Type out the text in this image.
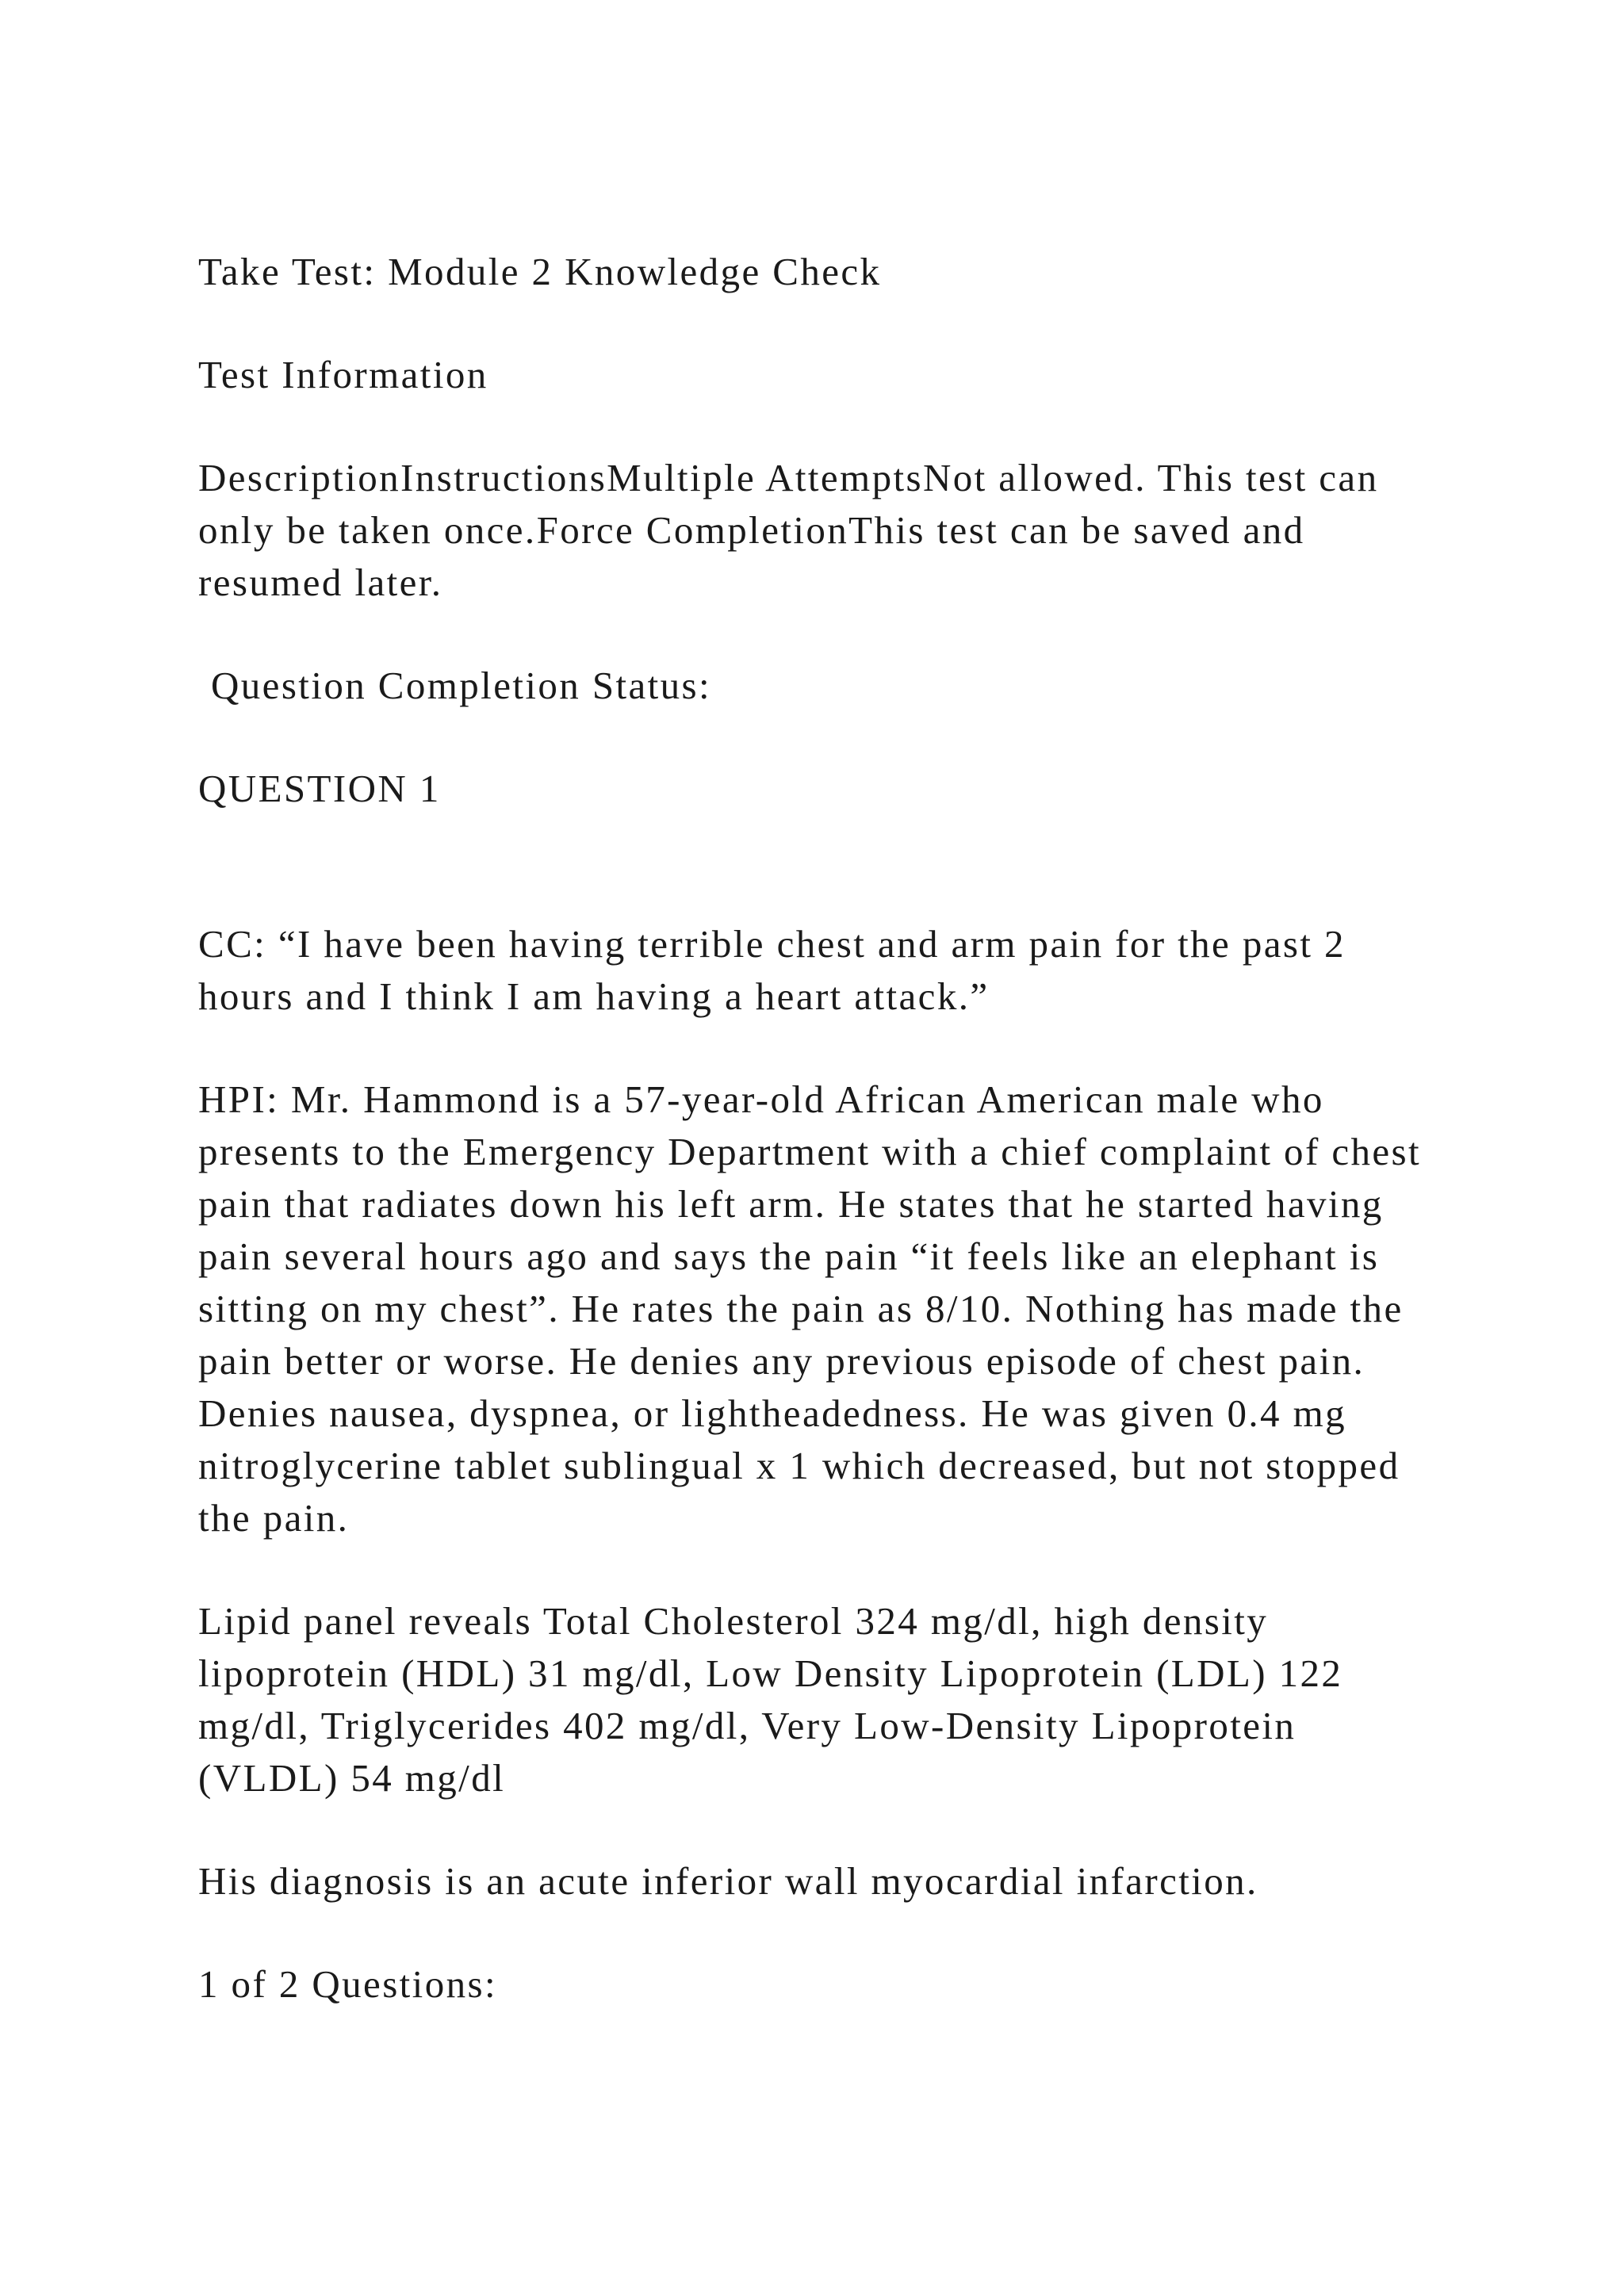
Take Test: Module 2 Knowledge Check

Test Information

DescriptionInstructionsMultiple AttemptsNot allowed. This test can only be taken once.Force CompletionThis test can be saved and resumed later.

Question Completion Status:

QUESTION 1

CC: “I have been having terrible chest and arm pain for the past 2 hours and I think I am having a heart attack.”

HPI: Mr. Hammond is a 57-year-old African American male who presents to the Emergency Department with a chief complaint of chest pain that radiates down his left arm. He states that he started having pain several hours ago and says the pain “it feels like an elephant is sitting on my chest”. He rates the pain as 8/10. Nothing has made the pain better or worse. He denies any previous episode of chest pain. Denies nausea, dyspnea, or lightheadedness. He was given 0.4 mg nitroglycerine tablet sublingual x 1 which decreased, but not stopped the pain.

Lipid panel reveals Total Cholesterol 324 mg/dl, high density lipoprotein (HDL) 31 mg/dl, Low Density Lipoprotein (LDL) 122 mg/dl, Triglycerides 402 mg/dl, Very Low-Density Lipoprotein (VLDL) 54 mg/dl

His diagnosis is an acute inferior wall myocardial infarction.

1 of 2 Questions:
